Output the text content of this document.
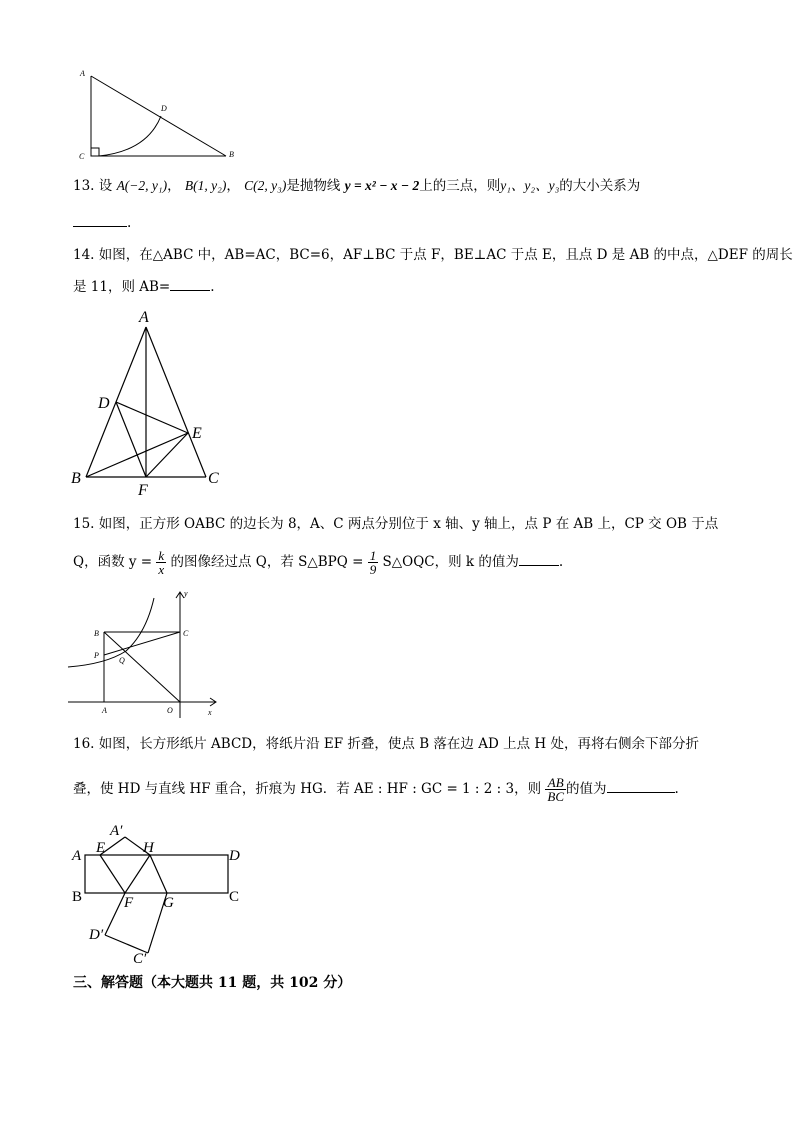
A
D
C	B
13. 设 A(−2, y₁)， B(1, y₂)， C(2, y₃)是抛物线 y = x² − x − 2上的三点，则y₁、y₂、y₃的大小关系为
.
14. 如图，在△ABC 中，AB=AC，BC=6，AF⊥BC 于点 F，BE⊥AC 于点 E，且点 D 是 AB 的中点，△DEF 的周长
是 11，则 AB=	.
A
D
E
B
F
C
15. 如图，正方形 OABC 的边长为 8，A、C 两点分别位于 x 轴、y 轴上，点 P 在 AB 上，CP 交 OB 于点
Q，函数 $y = \frac{k}{x}$ 的图像经过点 Q，若 S△BPQ = $\frac{1}{9}$ S△OQC，则 k 的值为	.
y
B	C
P
Q
A	O	x
16. 如图，长方形纸片 ABCD，将纸片沿 EF 折叠，使点 B 落在边 AD 上点 H 处，再将右侧余下部分折
叠，使 HD 与直线 HF 重合，折痕为 HG．若 AE : HF : GC = 1 : 2 : 3，则 $\frac{AB}{BC}$ 的值为	.
A′
A E	H	D
B	F G	C
D′
C′
三、解答题（本大题共 11 题，共 102 分）
